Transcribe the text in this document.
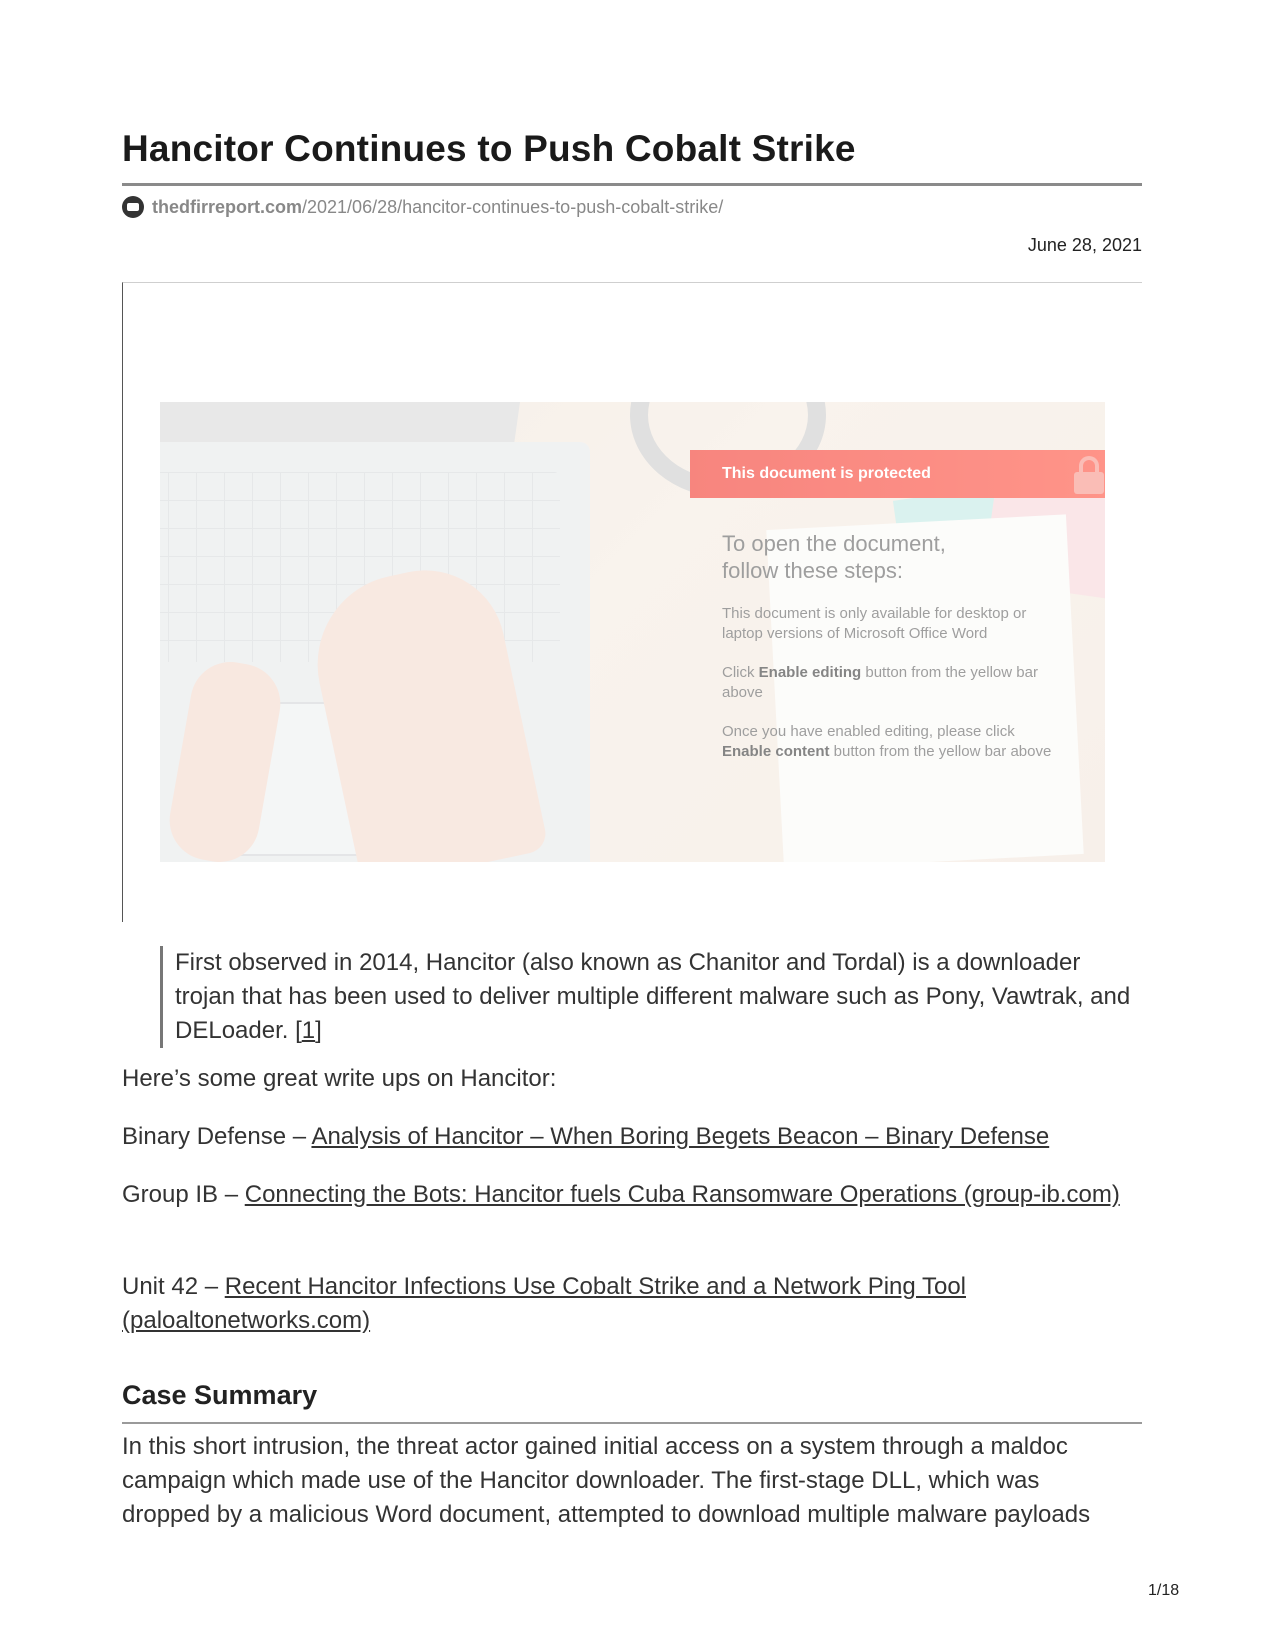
Hancitor Continues to Push Cobalt Strike
thedfirreport.com /2021/06/28/hancitor-continues-to-push-cobalt-strike/
June 28, 2021
This document is protected
To open the document,
follow these steps:

This document is only available for desktop or laptop versions of Microsoft Office Word

Click Enable editing button from the yellow bar above

Once you have enabled editing, please click Enable content button from the yellow bar above

First observed in 2014, Hancitor (also known as Chanitor and Tordal) is a downloader trojan that has been used to deliver multiple different malware such as Pony, Vawtrak, and DELoader. [1]

Here’s some great write ups on Hancitor:

Binary Defense – Analysis of Hancitor – When Boring Begets Beacon – Binary Defense

Group IB – Connecting the Bots: Hancitor fuels Cuba Ransomware Operations (group-ib.com)

Unit 42 – Recent Hancitor Infections Use Cobalt Strike and a Network Ping Tool (paloaltonetworks.com)

Case Summary

In this short intrusion, the threat actor gained initial access on a system through a maldoc campaign which made use of the Hancitor downloader. The first-stage DLL, which was dropped by a malicious Word document, attempted to download multiple malware payloads

1/18
